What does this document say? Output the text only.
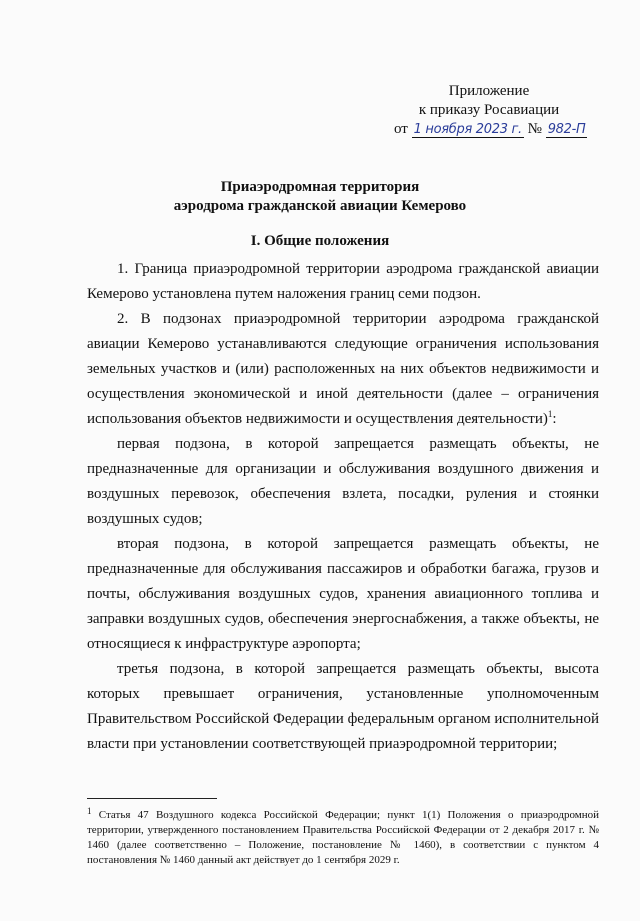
Приложение
к приказу Росавиации
от 1 ноября 2023 г. № 982-П
Приаэродромная территория
аэродрома гражданской авиации Кемерово
I. Общие положения

1. Граница приаэродромной территории аэродрома гражданской авиации Кемерово установлена путем наложения границ семи подзон.

2. В подзонах приаэродромной территории аэродрома гражданской авиации Кемерово устанавливаются следующие ограничения использования земельных участков и (или) расположенных на них объектов недвижимости и осуществления экономической и иной деятельности (далее – ограничения использования объектов недвижимости и осуществления деятельности)$^1$:

первая подзона, в которой запрещается размещать объекты, не предназначенные для организации и обслуживания воздушного движения и воздушных перевозок, обеспечения взлета, посадки, руления и стоянки воздушных судов;

вторая подзона, в которой запрещается размещать объекты, не предназначенные для обслуживания пассажиров и обработки багажа, грузов и почты, обслуживания воздушных судов, хранения авиационного топлива и заправки воздушных судов, обеспечения энергоснабжения, а также объекты, не относящиеся к инфраструктуре аэропорта;

третья подзона, в которой запрещается размещать объекты, высота которых превышает ограничения, установленные уполномоченным Правительством Российской Федерации федеральным органом исполнительной власти при установлении соответствующей приаэродромной территории;

$^1$ Статья 47 Воздушного кодекса Российской Федерации; пункт 1(1) Положения о приаэродромной территории, утвержденного постановлением Правительства Российской Федерации от 2 декабря 2017 г. № 1460 (далее соответственно – Положение, постановление № 1460), в соответствии с пунктом 4 постановления № 1460 данный акт действует до 1 сентября 2029 г.
